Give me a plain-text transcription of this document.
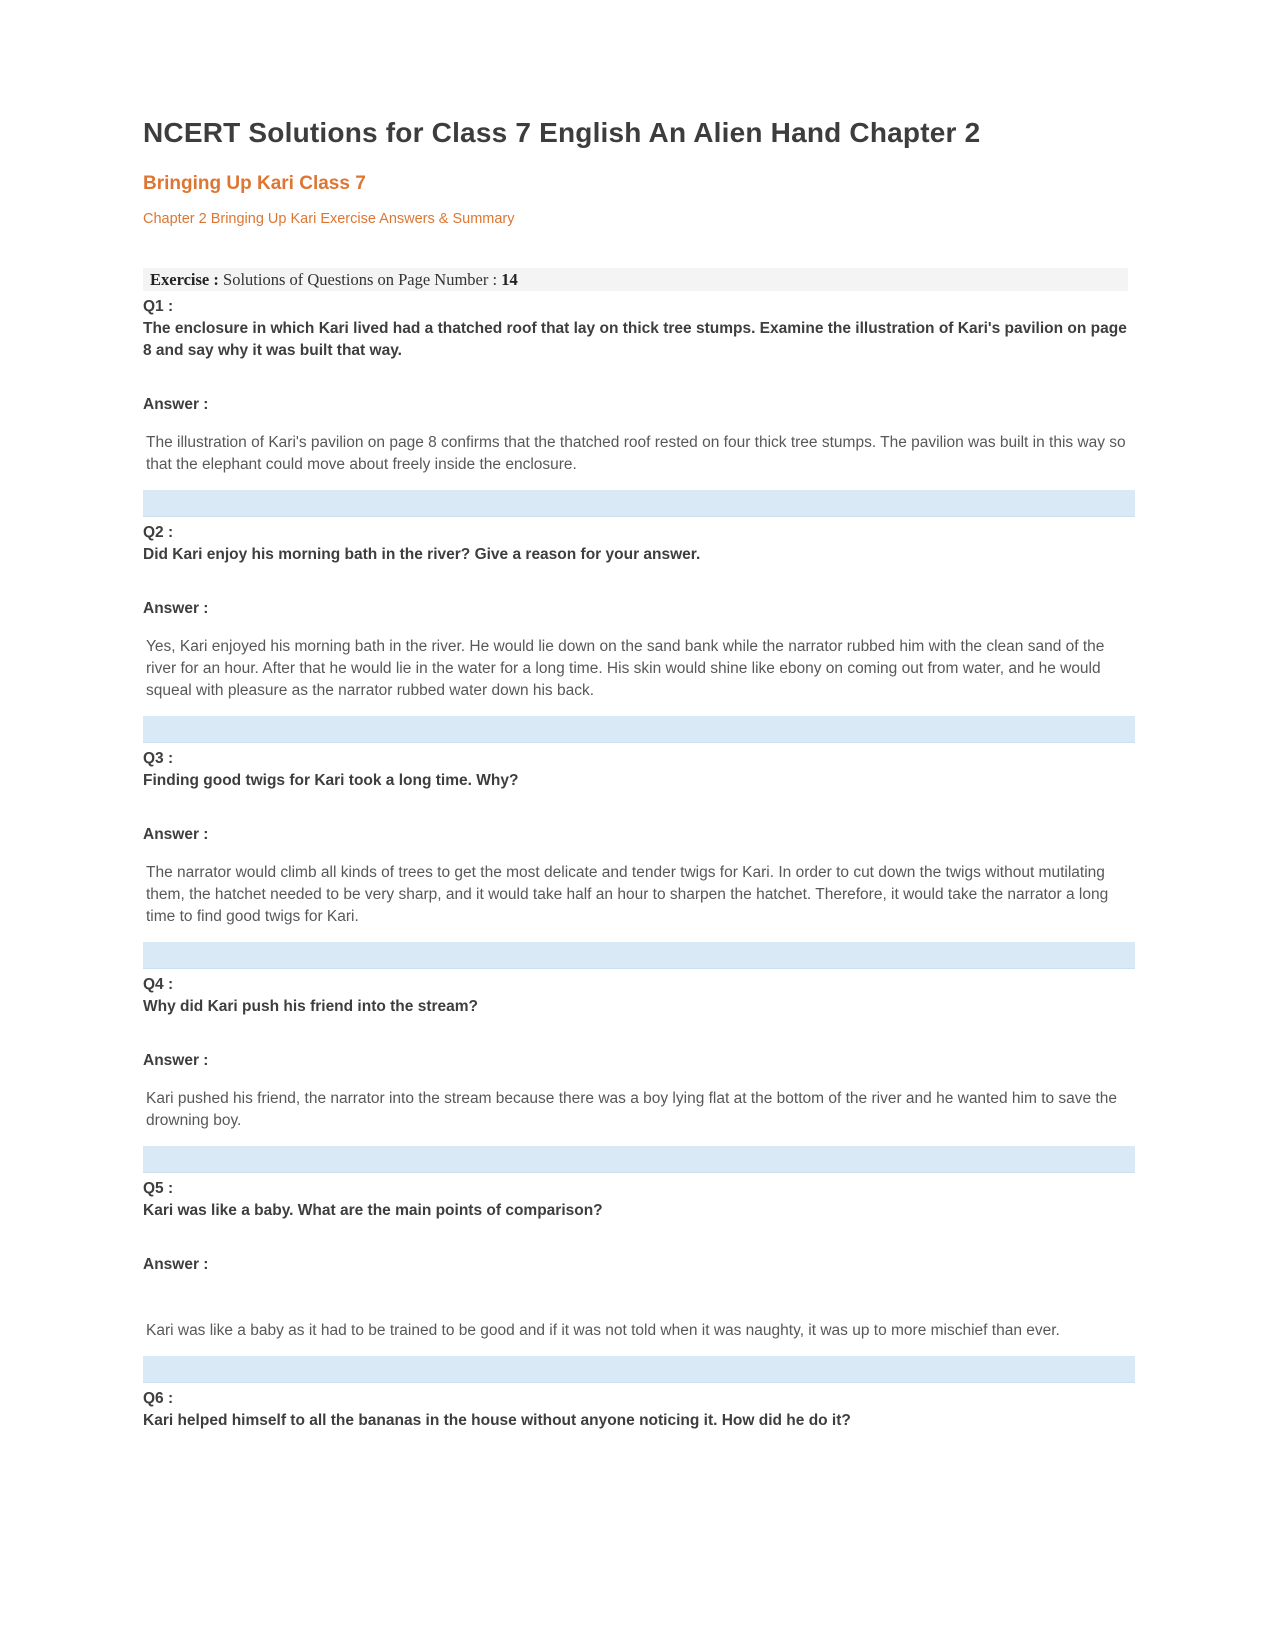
NCERT Solutions for Class 7 English An Alien Hand Chapter 2
Bringing Up Kari Class 7
Chapter 2 Bringing Up Kari Exercise Answers & Summary
Exercise : Solutions of Questions on Page Number : 14
Q1 :
The enclosure in which Kari lived had a thatched roof that lay on thick tree stumps. Examine the illustration of Kari's pavilion on page 8 and say why it was built that way.
Answer :
The illustration of Kari's pavilion on page 8 confirms that the thatched roof rested on four thick tree stumps. The pavilion was built in this way so that the elephant could move about freely inside the enclosure.
Q2 :
Did Kari enjoy his morning bath in the river? Give a reason for your answer.
Answer :
Yes, Kari enjoyed his morning bath in the river. He would lie down on the sand bank while the narrator rubbed him with the clean sand of the river for an hour. After that he would lie in the water for a long time. His skin would shine like ebony on coming out from water, and he would squeal with pleasure as the narrator rubbed water down his back.
Q3 :
Finding good twigs for Kari took a long time. Why?
Answer :
The narrator would climb all kinds of trees to get the most delicate and tender twigs for Kari. In order to cut down the twigs without mutilating them, the hatchet needed to be very sharp, and it would take half an hour to sharpen the hatchet. Therefore, it would take the narrator a long time to find good twigs for Kari.
Q4 :
Why did Kari push his friend into the stream?
Answer :
Kari pushed his friend, the narrator into the stream because there was a boy lying flat at the bottom of the river and he wanted him to save the drowning boy.
Q5 :
Kari was like a baby. What are the main points of comparison?
Answer :
Kari was like a baby as it had to be trained to be good and if it was not told when it was naughty, it was up to more mischief than ever.
Q6 :
Kari helped himself to all the bananas in the house without anyone noticing it. How did he do it?
